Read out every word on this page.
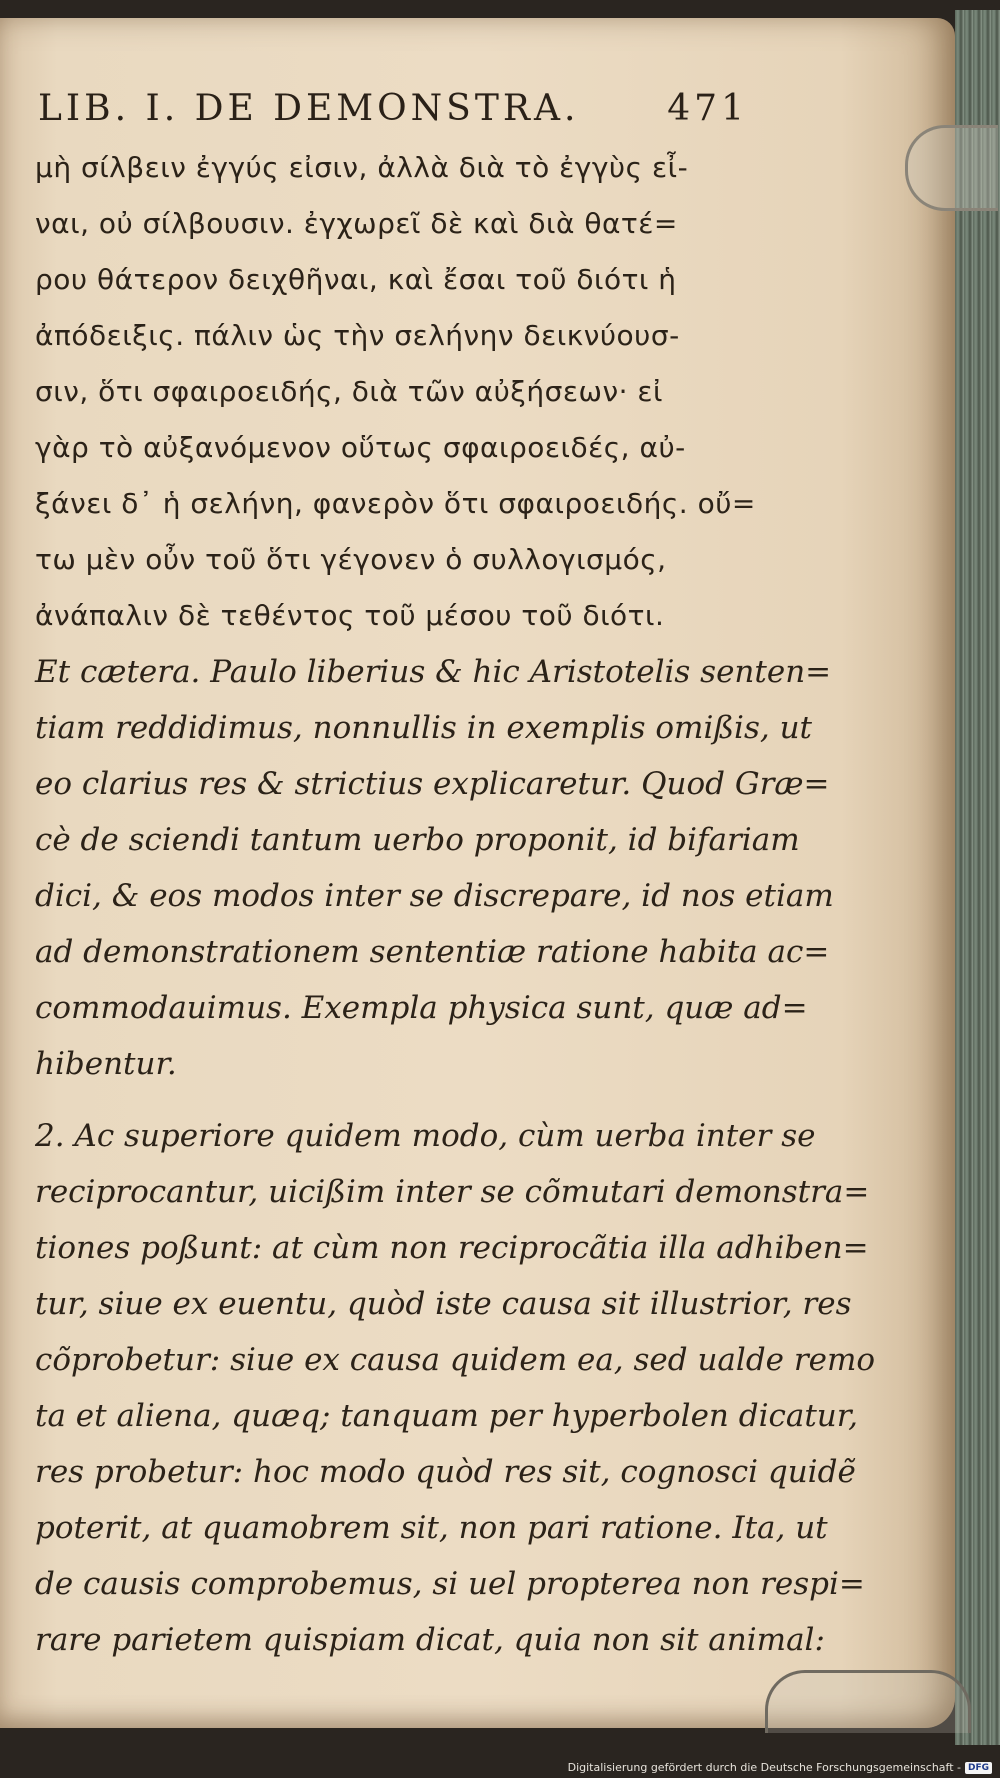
LIB. I. DE DEMONSTRA. 471
μὴ σίλβειν ἐγγύς εἰσιν, ἀλλὰ διὰ τὸ ἐγγὺς εἶ-
ναι, οὐ σίλβουσιν. ἐγχωρεῖ δὲ καὶ διὰ θατέ=
ρου θάτερον δειχθῆναι, καὶ ἔσαι τοῦ διότι ἡ
ἀπόδειξις. πάλιν ὡς τὴν σελήνην δεικνύουσ-
σιν, ὅτι σφαιροειδής, διὰ τῶν αὐξήσεων· εἰ
γὰρ τὸ αὐξανόμενον οὕτως σφαιροειδές, αὐ-
ξάνει δ᾽ ἡ σελήνη, φανερὸν ὅτι σφαιροειδής. οὔ=
τω μὲν οὖν τοῦ ὅτι γέγονεν ὁ συλλογισμός,
ἀνάπαλιν δὲ τεθέντος τοῦ μέσου τοῦ διότι.
Et cætera. Paulo liberius & hic Aristotelis senten=
tiam reddidimus, nonnullis in exemplis omißis, ut
eo clarius res & strictius explicaretur. Quod Græ=
cè de sciendi tantum uerbo proponit, id bifariam
dici, & eos modos inter se discrepare, id nos etiam
ad demonstrationem sententiæ ratione habita ac=
commodauimus. Exempla physica sunt, quæ ad=
hibentur.
2. Ac superiore quidem modo, cùm uerba inter se
reciprocantur, uicißim inter se cõmutari demonstra=
tiones poßunt: at cùm non reciprocãtia illa adhiben=
tur, siue ex euentu, quòd iste causa sit illustrior, res
cõprobetur: siue ex causa quidem ea, sed ualde remo
ta et aliena, quæq; tanquam per hyperbolen dicatur,
res probetur: hoc modo quòd res sit, cognosci quidẽ
poterit, at quamobrem sit, non pari ratione. Ita, ut
de causis comprobemus, si uel propterea non respi=
rare parietem quispiam dicat, quia non sit animal:
Digitalisierung gefördert durch die Deutsche Forschungsgemeinschaft - DFG
